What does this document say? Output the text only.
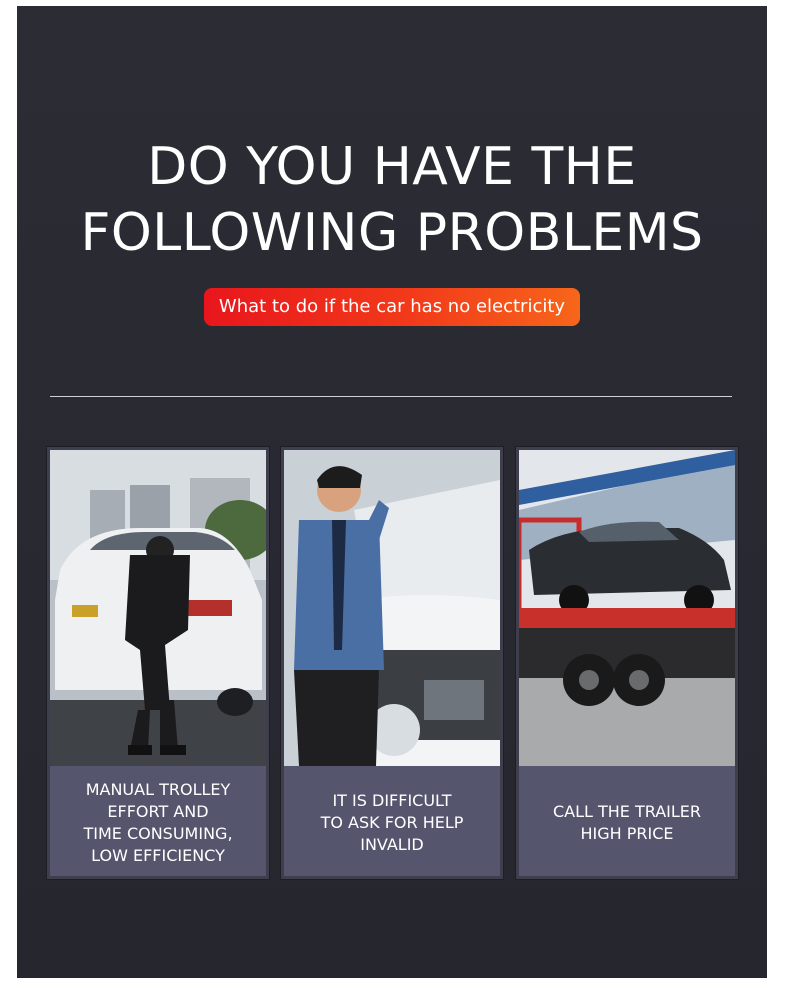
DO YOU HAVE THE
FOLLOWING PROBLEMS
What to do if the car has no electricity
MANUAL TROLLEY
EFFORT AND
TIME CONSUMING,
LOW EFFICIENCY
IT IS DIFFICULT
TO ASK FOR HELP
INVALID
CALL THE TRAILER
HIGH PRICE
